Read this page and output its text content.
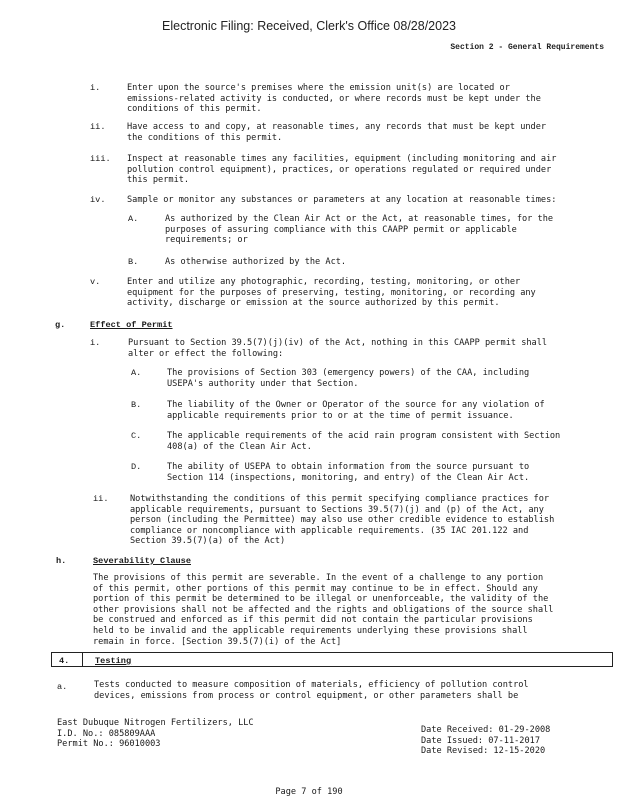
Electronic Filing: Received, Clerk's Office 08/28/2023
Section 2 - General Requirements
i.	Enter upon the source's premises where the emission unit(s) are located or
emissions-related activity is conducted, or where records must be kept under the
conditions of this permit.
ii.	Have access to and copy, at reasonable times, any records that must be kept under
the conditions of this permit.
iii. Inspect at reasonable times any facilities, equipment (including monitoring and air
pollution control equipment), practices, or operations regulated or required under
this permit.
iv.	Sample or monitor any substances or parameters at any location at reasonable times:
A.	As authorized by the Clean Air Act or the Act, at reasonable times, for the
purposes of assuring compliance with this CAAPP permit or applicable
requirements; or
B.	As otherwise authorized by the Act.
v.	Enter and utilize any photographic, recording, testing, monitoring, or other
equipment for the purposes of preserving, testing, monitoring, or recording any
activity, discharge or emission at the source authorized by this permit.
g.	Effect of Permit
i.	Pursuant to Section 39.5(7)(j)(iv) of the Act, nothing in this CAAPP permit shall
alter or effect the following:
A.	The provisions of Section 303 (emergency powers) of the CAA, including
USEPA's authority under that Section.
B.	The liability of the Owner or Operator of the source for any violation of
applicable requirements prior to or at the time of permit issuance.
C.	The applicable requirements of the acid rain program consistent with Section
408(a) of the Clean Air Act.
D.	The ability of USEPA to obtain information from the source pursuant to
Section 114 (inspections, monitoring, and entry) of the Clean Air Act.
ii.	Notwithstanding the conditions of this permit specifying compliance practices for
applicable requirements, pursuant to Sections 39.5(7)(j) and (p) of the Act, any
person (including the Permittee) may also use other credible evidence to establish
compliance or noncompliance with applicable requirements. (35 IAC 201.122 and
Section 39.5(7)(a) of the Act)
h.	Severability Clause
The provisions of this permit are severable. In the event of a challenge to any portion
of this permit, other portions of this permit may continue to be in effect. Should any
portion of this permit be determined to be illegal or unenforceable, the validity of the
other provisions shall not be affected and the rights and obligations of the source shall
be construed and enforced as if this permit did not contain the particular provisions
held to be invalid and the applicable requirements underlying these provisions shall
remain in force. [Section 39.5(7)(i) of the Act]
4.	Testing
a.	Tests conducted to measure composition of materials, efficiency of pollution control
devices, emissions from process or control equipment, or other parameters shall be
East Dubuque Nitrogen Fertilizers, LLC
I.D. No.: 085809AAA
Permit No.: 96010003
Date Received: 01-29-2008
Date Issued: 07-11-2017
Date Revised: 12-15-2020
Page 7 of 190
